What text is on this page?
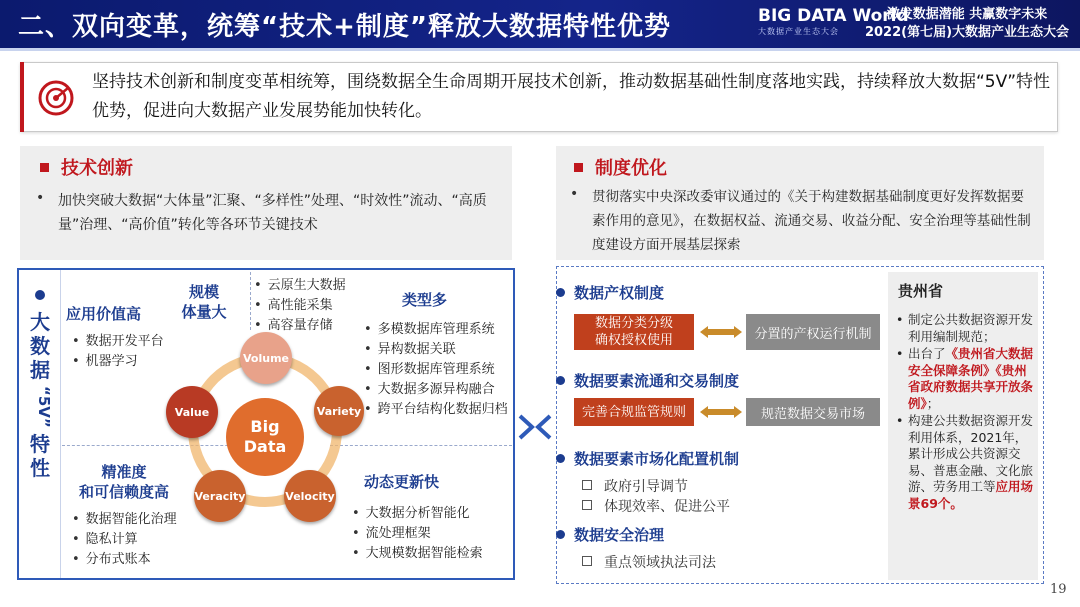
二、双向变革，统筹“技术+制度”释放大数据特性优势	BIG DATA World
大数据产业生态大会
激发数据潜能 共赢数字未来
2022(第七届)大数据产业生态大会
坚持技术创新和制度变革相统筹，围绕数据全生命周期开展技术创新，推动数据基础性制度落地实践，持续释放大数据“5V”特性优势，促进向大数据产业发展势能加快转化。
技术创新
• 加快突破大数据“大体量”汇聚、“多样性”处理、“时效性”流动、“高质量”治理、“高价值”转化等各环节关键技术
制度优化
• 贯彻落实中央深改委审议通过的《关于构建数据基础制度更好发挥数据要素作用的意见》，在数据权益、流通交易、收益分配、安全治理等基础性制度建设方面开展基层探索
大
数
据
“5V”
特
性
应用价值高
• 数据开发平台
• 机器学习
规模
体量大
• 云原生大数据
• 高性能采集
• 高容量存储
类型多
• 多模数据库管理系统
• 异构数据关联
• 图形数据库管理系统
• 大数据多源异构融合
• 跨平台结构化数据归档
精准度
和可信赖度高
• 数据智能化治理
• 隐私计算
• 分布式账本
动态更新快
• 大数据分析智能化
• 流处理框架
• 大规模数据智能检索
Big
Data
Volume
Variety
Velocity
Veracity
Value
数据产权制度
数据分类分级
确权授权使用	分置的产权运行机制
数据要素流通和交易制度
完善合规监管规则	规范数据交易市场
数据要素市场化配置机制
政府引导调节
体现效率、促进公平
数据安全治理
重点领域执法司法
贵州省
• 制定公共数据资源开发利用编制规范；
• 出台了《贵州省大数据安全保障条例》《贵州省政府数据共享开放条例》；
• 构建公共数据资源开发利用体系，2021年，累计形成公共资源交易、普惠金融、文化旅游、劳务用工等应用场景69个。
19
